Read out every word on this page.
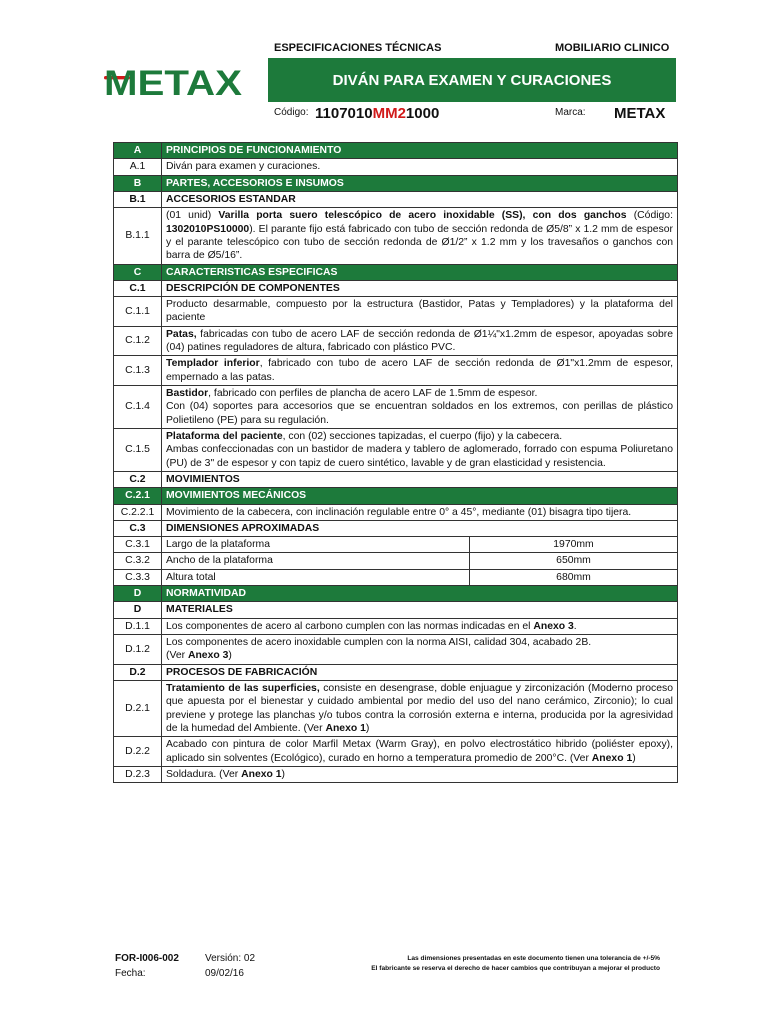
METAX
ESPECIFICACIONES TÉCNICAS	MOBILIARIO CLINICO
DIVÁN PARA EXAMEN Y CURACIONES
Código: 1107010MM21000	Marca: METAX
A	PRINCIPIOS DE FUNCIONAMIENTO	
A.1	Diván para examen y curaciones.	
B	PARTES, ACCESORIOS E INSUMOS	
B.1	ACCESORIOS ESTANDAR	
B.1.1	(01 unid) Varilla porta suero telescópico de acero inoxidable (SS), con dos ganchos (Código: 1302010PS10000). El parante fijo está fabricado con tubo de sección redonda de Ø5/8” x 1.2 mm de espesor y el parante telescópico con tubo de sección redonda de Ø1/2” x 1.2 mm y los travesaños o ganchos con barra de Ø5/16”.	
C	CARACTERISTICAS ESPECIFICAS	
C.1	DESCRIPCIÓN DE COMPONENTES	
C.1.1	Producto desarmable, compuesto por la estructura (Bastidor, Patas y Templadores) y la plataforma del paciente	
C.1.2	Patas, fabricadas con tubo de acero LAF de sección redonda de Ø1¼"x1.2mm de espesor, apoyadas sobre (04) patines reguladores de altura, fabricado con plástico PVC.	
C.1.3	Templador inferior, fabricado con tubo de acero LAF de sección redonda de Ø1"x1.2mm de espesor, empernado a las patas.	
C.1.4	Bastidor, fabricado con perfiles de plancha de acero LAF de 1.5mm de espesor.
Con (04) soportes para accesorios que se encuentran soldados en los extremos, con perillas de plástico Polietileno (PE) para su regulación.	
C.1.5	Plataforma del paciente, con (02) secciones tapizadas, el cuerpo (fijo) y la cabecera.
Ambas confeccionadas con un bastidor de madera y tablero de aglomerado, forrado con espuma Poliuretano (PU) de 3" de espesor y con tapiz de cuero sintético, lavable y de gran elasticidad y resistencia.	
C.2	MOVIMIENTOS	
C.2.1	MOVIMIENTOS MECÁNICOS	
C.2.2.1	Movimiento de la cabecera, con inclinación regulable entre 0° a 45°, mediante (01) bisagra tipo tijera.	
C.3	DIMENSIONES APROXIMADAS	
C.3.1	Largo de la plataforma	1970mm
C.3.2	Ancho de la plataforma	650mm
C.3.3	Altura total	680mm
D	NORMATIVIDAD	
D	MATERIALES	
D.1.1	Los componentes de acero al carbono cumplen con las normas indicadas en el Anexo 3.	
D.1.2	Los componentes de acero inoxidable cumplen con la norma AISI, calidad 304, acabado 2B.
(Ver Anexo 3)	
D.2	PROCESOS DE FABRICACIÓN	
D.2.1	Tratamiento de las superficies, consiste en desengrase, doble enjuague y zirconización (Moderno proceso que apuesta por el bienestar y cuidado ambiental por medio del uso del nano cerámico, Zirconio); lo cual previene y protege las planchas y/o tubos contra la corrosión externa e interna, producida por la agresividad de la humedad del Ambiente. (Ver Anexo 1)	
D.2.2	Acabado con pintura de color Marfil Metax (Warm Gray), en polvo electrostático hibrido (poliéster epoxy), aplicado sin solventes (Ecológico), curado en horno a temperatura promedio de 200°C. (Ver Anexo 1)	
D.2.3	Soldadura. (Ver Anexo 1)	
FOR-I006-002
Fecha:
Versión: 02
09/02/16
Las dimensiones presentadas en este documento tienen una tolerancia de +/-5%
El fabricante se reserva el derecho de hacer cambios que contribuyan a mejorar el producto
